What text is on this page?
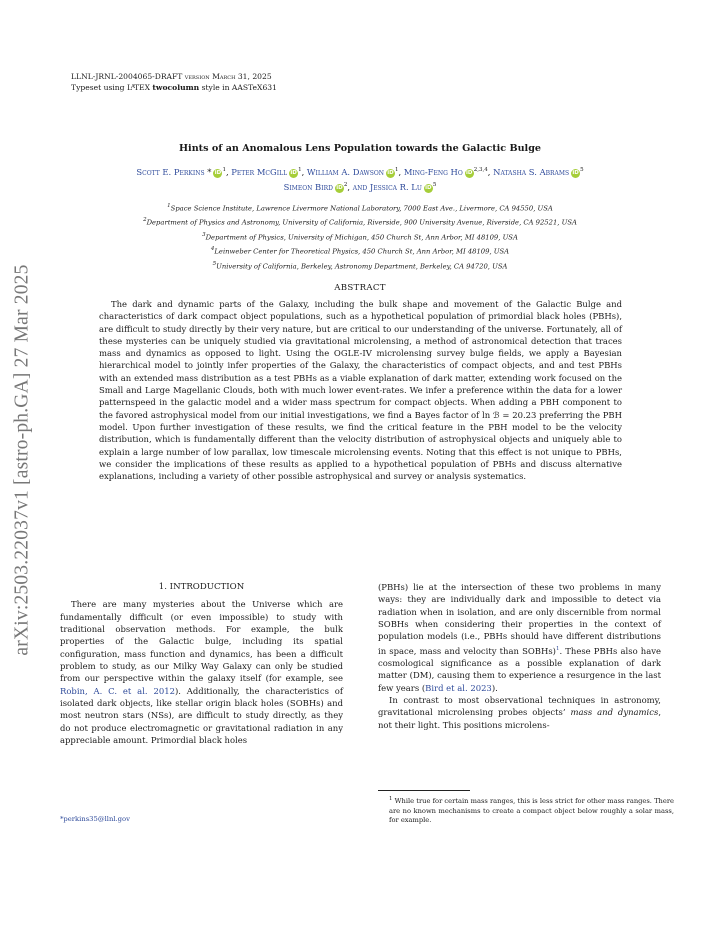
arXiv:2503.22037v1 [astro-ph.GA] 27 Mar 2025
LLNL-JRNL-2004065-DRAFT version March 31, 2025
Typeset using $L^ATEX$ twocolumn style in AASTeX631
Hints of an Anomalous Lens Population towards the Galactic Bulge
Scott E. Perkins * $iD^1$, Peter McGill $iD^1$, William A. Dawson $iD^1$, Ming-Feng Ho iD$^{2,3,4}$, Natasha S. Abrams $iD^5$
Simeon Bird $iD^2$, and Jessica R. Lu $iD^5$
$^1$Space Science Institute, Lawrence Livermore National Laboratory, 7000 East Ave., Livermore, CA 94550, USA
$^2$Department of Physics and Astronomy, University of California, Riverside, 900 University Avenue, Riverside, CA 92521, USA
$^3$Department of Physics, University of Michigan, 450 Church St, Ann Arbor, MI 48109, USA
$^4$Leinweber Center for Theoretical Physics, 450 Church St, Ann Arbor, MI 48109, USA
$^5$University of California, Berkeley, Astronomy Department, Berkeley, CA 94720, USA
ABSTRACT
The dark and dynamic parts of the Galaxy, including the bulk shape and movement of the Galactic Bulge and characteristics of dark compact object populations, such as a hypothetical population of primordial black holes (PBHs), are difficult to study directly by their very nature, but are critical to our understanding of the universe. Fortunately, all of these mysteries can be uniquely studied via gravitational microlensing, a method of astronomical detection that traces mass and dynamics as opposed to light. Using the OGLE-IV microlensing survey bulge fields, we apply a Bayesian hierarchical model to jointly infer properties of the Galaxy, the characteristics of compact objects, and and test PBHs with an extended mass distribution as a test PBHs as a viable explanation of dark matter, extending work focused on the Small and Large Magellanic Clouds, both with much lower event-rates. We infer a preference within the data for a lower patternspeed in the galactic model and a wider mass spectrum for compact objects. When adding a PBH component to the favored astrophysical model from our initial investigations, we find a Bayes factor of ln ℬ = 20.23 preferring the PBH model. Upon further investigation of these results, we find the critical feature in the PBH model to be the velocity distribution, which is fundamentally different than the velocity distribution of astrophysical objects and uniquely able to explain a large number of low parallax, low timescale microlensing events. Noting that this effect is not unique to PBHs, we consider the implications of these results as applied to a hypothetical population of PBHs and discuss alternative explanations, including a variety of other possible astrophysical and survey or analysis systematics.
1. INTRODUCTION

There are many mysteries about the Universe which are fundamentally difficult (or even impossible) to study with traditional observation methods. For example, the bulk properties of the Galactic bulge, including its spatial configuration, mass function and dynamics, has been a difficult problem to study, as our Milky Way Galaxy can only be studied from our perspective within the galaxy itself (for example, see Robin, A. C. et al. 2012). Additionally, the characteristics of isolated dark objects, like stellar origin black holes (SOBHs) and most neutron stars (NSs), are difficult to study directly, as they do not produce electromagnetic or gravitational radiation in any appreciable amount. Primordial black holes

(PBHs) lie at the intersection of these two problems in many ways: they are individually dark and impossible to detect via radiation when in isolation, and are only discernible from normal SOBHs when considering their properties in the context of population models (i.e., PBHs should have different distributions in space, mass and velocity than SOBHs)$^1$. These PBHs also have cosmological significance as a possible explanation of dark matter (DM), causing them to experience a resurgence in the last few years (Bird et al. 2023).

In contrast to most observational techniques in astronomy, gravitational microlensing probes objects’ mass and dynamics, not their light. This positions microlens-

$^1$ While true for certain mass ranges, this is less strict for other mass ranges. There are no known mechanisms to create a compact object below roughly a solar mass, for example.
*perkins35@llnl.gov
